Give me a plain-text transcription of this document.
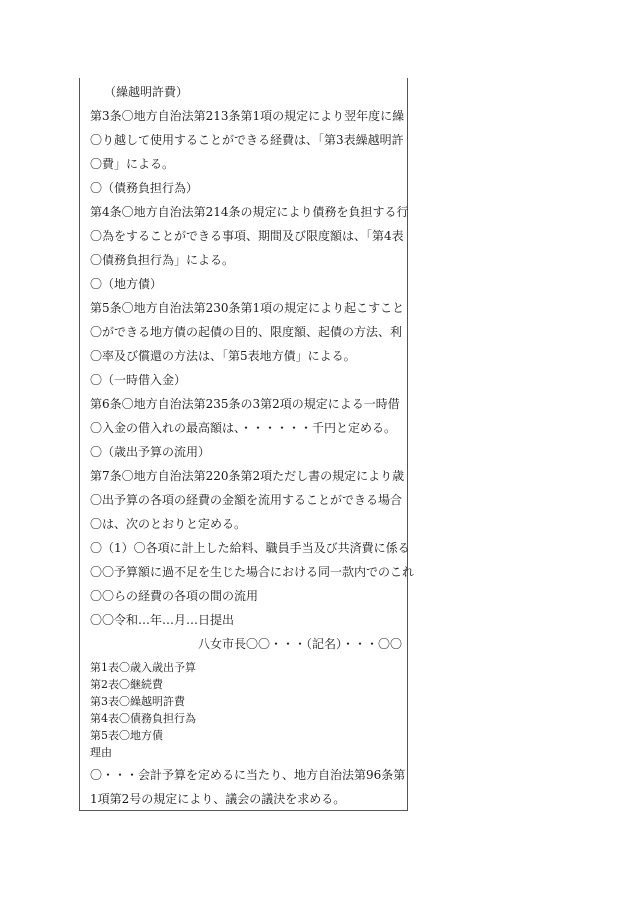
（繰越明許費）
第3条〇地方自治法第213条第1項の規定により翌年度に繰
〇り越して使用することができる経費は、「第3表繰越明許
〇費」による。
〇（債務負担行為）
第4条〇地方自治法第214条の規定により債務を負担する行
〇為をすることができる事項、期間及び限度額は、「第4表
〇債務負担行為」による。
〇（地方債）
第5条〇地方自治法第230条第1項の規定により起こすこと
〇ができる地方債の起債の目的、限度額、起債の方法、利
〇率及び償還の方法は、「第5表地方債」による。
〇（一時借入金）
第6条〇地方自治法第235条の3第2項の規定による一時借
〇入金の借入れの最高額は、・・・・・・千円と定める。
〇（歳出予算の流用）
第7条〇地方自治法第220条第2項ただし書の規定により歳
〇出予算の各項の経費の金額を流用することができる場合
〇は、次のとおりと定める。
〇（1）〇各項に計上した給料、職員手当及び共済費に係る
〇〇予算額に過不足を生じた場合における同一款内でのこれ
〇〇らの経費の各項の間の流用
〇〇令和…年…月…日提出
八女市長〇〇・・・（記名）・・・〇〇
第1表〇歳入歳出予算
第2表〇継続費
第3表〇繰越明許費
第4表〇債務負担行為
第5表〇地方債
理由
〇・・・会計予算を定めるに当たり、地方自治法第96条第
1項第2号の規定により、議会の議決を求める。
